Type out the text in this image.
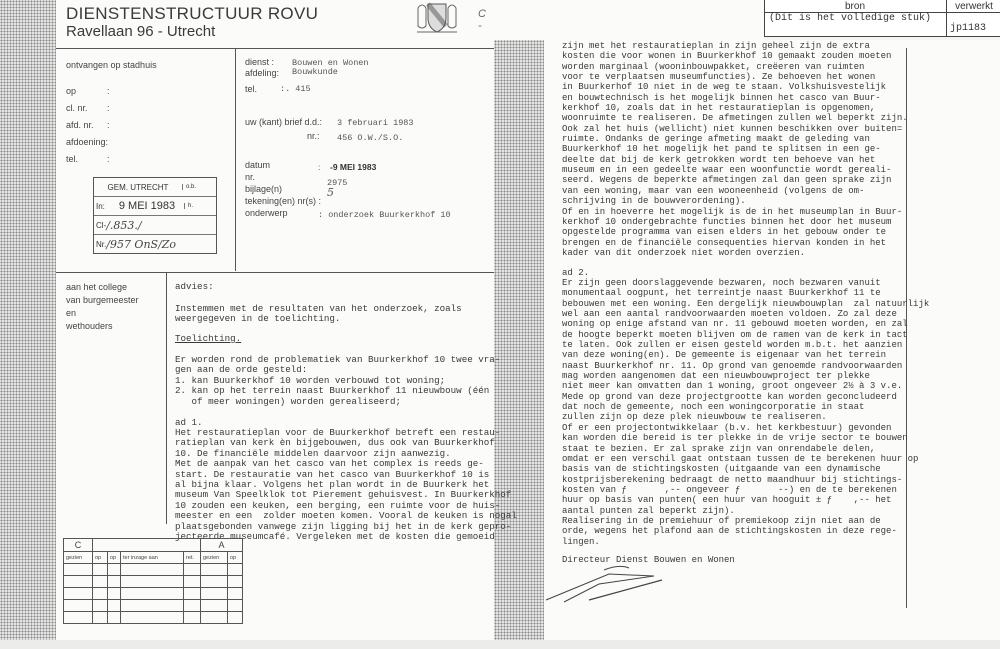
DIENSTENSTRUCTUUR ROVU
Ravellaan 96 - Utrecht
C -
bron	verwerkt
(Dit is het volledige stuk)
jp1183
ontvangen op stadhuis
op	:
cl. nr. :
afd. nr. :
afdoening:
tel.	:
GEM. UTRECHT	o.b.
In:	9 MEI 1983	h.
Cl- /.853./
Nr. /957 OnS/Zo
dienst : Bouwen en Wonen
afdeling: Bouwkunde
tel.	:. 415
uw (kant) brief d.d.: 3 februari 1983
nr.: 456 O.W./S.O.
datum	: -9 MEI 1983
nr.
2975
bijlage(n)	5
tekening(en) nr(s) :
onderwerp	: onderzoek Buurkerkhof 10
aan het college
van burgemeester
en
wethouders
advies:
Instemmen met de resultaten van het onderzoek, zoals
weergegeven in de toelichting.
Toelichting.
Er worden rond de problematiek van Buurkerkhof 10 twee vra-
gen aan de orde gesteld:
1. kan Buurkerkhof 10 worden verbouwd tot woning;
2. kan op het terrein naast Buurkerkhof 11 nieuwbouw (één
of meer woningen) worden gerealiseerd;
ad 1.
Het restauratieplan voor de Buurkerkhof betreft een restau-
ratieplan van kerk èn bijgebouwen, dus ook van Buurkerkhof
10. De financiële middelen daarvoor zijn aanwezig.
Met de aanpak van het casco van het complex is reeds ge-
start. De restauratie van het casco van Buurkerkhof 10 is
al bijna klaar. Volgens het plan wordt in de Buurkerk het
museum Van Speelklok tot Pierement gehuisvest. In Buurkerkhof
10 zouden een keuken, een berging, een ruimte voor de huis-
meester en een  zolder moeten komen. Vooral de keuken is nogal
plaatsgebonden vanwege zijn ligging bij het in de kerk gepro-
jecteerde museumcafé. Vergeleken met de kosten die gemoeid
C					A	
gezien	op	op	ter inzage aan	ret.	gezien	op

zijn met het restauratieplan in zijn geheel zijn de extra
kosten die voor wonen in Buurkerkhof 10 gemaakt zouden moeten
worden marginaal (wooninbouwpakket, creëeren van ruimten
voor te verplaatsen museumfuncties). Ze behoeven het wonen
in Buurkerhof 10 niet in de weg te staan. Volkshuisvestelijk
en bouwtechnisch is het mogelijk binnen het casco van Buur-
kerkhof 10, zoals dat in het restauratieplan is opgenomen,
woonruimte te realiseren. De afmetingen zullen wel beperkt zijn.
Ook zal het huis (wellicht) niet kunnen beschikken over buiten=
ruimte. Ondanks de geringe afmeting maakt de geleding van
Buurkerkhof 10 het mogelijk het pand te splitsen in een ge-
deelte dat bij de kerk getrokken wordt ten behoeve van het
museum en in een gedeelte waar een woonfunctie wordt gereali-
seerd. Wegens de beperkte afmetingen zal dan geen sprake zijn
van een woning, maar van een wooneenheid (volgens de om-
schrijving in de bouwverordening).
Of en in hoeverre het mogelijk is de in het museumplan in Buur-
kerkhof 10 ondergebrachte functies binnen het door het museum
opgestelde programma van eisen elders in het gebouw onder te
brengen en de financiële consequenties hiervan konden in het
kader van dit onderzoek niet worden overzien.
ad 2.
Er zijn geen doorslaggevende bezwaren, noch bezwaren vanuit
monumentaal oogpunt, het terreintje naast Buurkerkhof 11 te
bebouwen met een woning. Een dergelijk nieuwbouwplan  zal natuurlijk
wel aan een aantal randvoorwaarden moeten voldoen. Zo zal deze
woning op enige afstand van nr. 11 gebouwd moeten worden, en zal
de hoogte beperkt moeten blijven om de ramen van de kerk in tact
te laten. Ook zullen er eisen gesteld worden m.b.t. het aanzien
van deze woning(en). De gemeente is eigenaar van het terrein
naast Buurkerkhof nr. 11. Op grond van genoemde randvoorwaarden
mag worden aangenomen dat een nieuwbouwproject ter plekke
niet meer kan omvatten dan 1 woning, groot ongeveer 2½ à 3 v.e.
Mede op grond van deze projectgrootte kan worden geconcludeerd
dat noch de gemeente, noch een woningcorporatie in staat
zullen zijn op deze plek nieuwbouw te realiseren.
Of er een projectontwikkelaar (b.v. het kerkbestuur) gevonden
kan worden die bereid is ter plekke in de vrije sector te bouwen
staat te bezien. Er zal sprake zijn van onrendabele delen,
omdat er een verschil gaat ontstaan tussen de te berekenen huur op
basis van de stichtingskosten (uitgaande van een dynamische
kostprijsberekening bedraagt de netto maandhuur bij stichtings-
kosten van ƒ       ,-- ongeveer ƒ       --) en de te berekenen
huur op basis van punten( een huur van hooguit ± ƒ    ,-- het
aantal punten zal beperkt zijn).
Realisering in de premiehuur of premiekoop zijn niet aan de
orde, wegens het plafond aan de stichtingskosten in deze rege-
lingen.
Directeur Dienst Bouwen en Wonen
